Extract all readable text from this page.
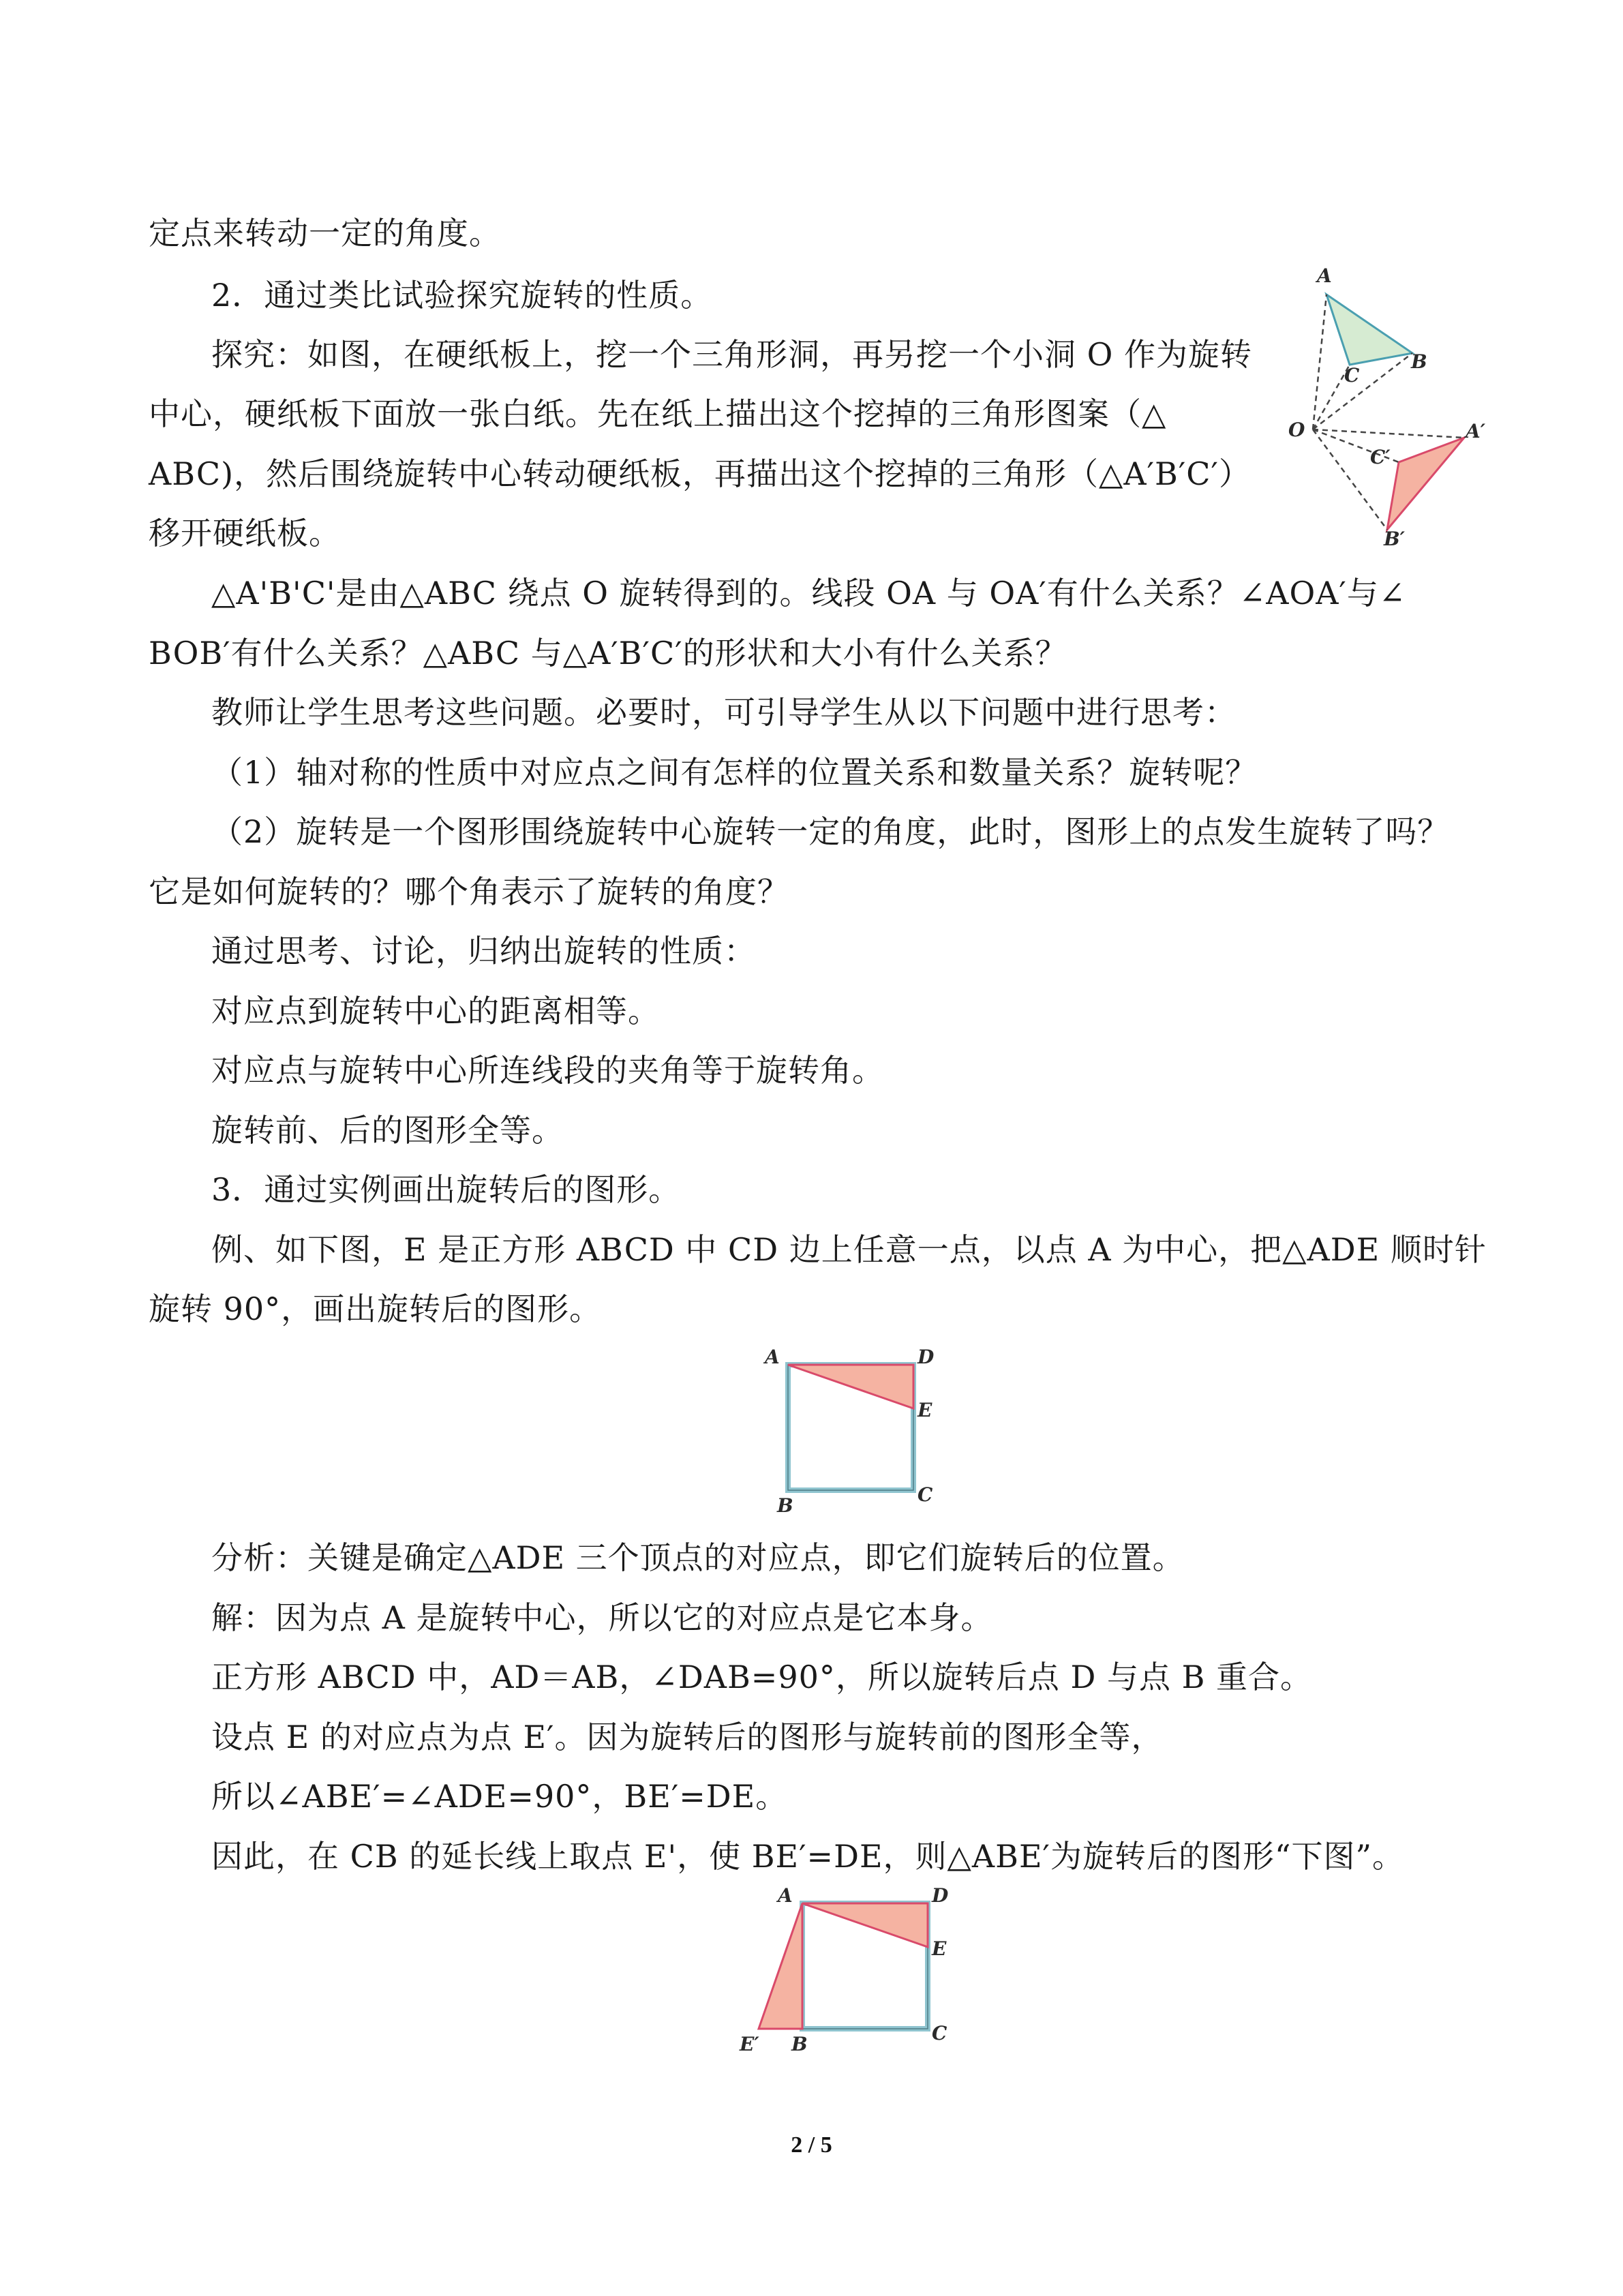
定点来转动一定的角度。
2．通过类比试验探究旋转的性质。
探究：如图，在硬纸板上，挖一个三角形洞，再另挖一个小洞 O 作为旋转
中心，硬纸板下面放一张白纸。先在纸上描出这个挖掉的三角形图案（△
ABC)，然后围绕旋转中心转动硬纸板，再描出这个挖掉的三角形（△A′B′C′）
移开硬纸板。
△A'B'C'是由△ABC 绕点 O 旋转得到的。线段 OA 与 OA′有什么关系？∠AOA′与∠
BOB′有什么关系？△ABC 与△A′B′C′的形状和大小有什么关系？
教师让学生思考这些问题。必要时，可引导学生从以下问题中进行思考：
（1）轴对称的性质中对应点之间有怎样的位置关系和数量关系？旋转呢？
（2）旋转是一个图形围绕旋转中心旋转一定的角度，此时，图形上的点发生旋转了吗？
它是如何旋转的？哪个角表示了旋转的角度？
通过思考、讨论，归纳出旋转的性质：
对应点到旋转中心的距离相等。
对应点与旋转中心所连线段的夹角等于旋转角。
旋转前、后的图形全等。
3．通过实例画出旋转后的图形。
例、如下图，E 是正方形 ABCD 中 CD 边上任意一点，以点 A 为中心，把△ADE 顺时针
旋转 90°，画出旋转后的图形。
分析：关键是确定△ADE 三个顶点的对应点，即它们旋转后的位置。
解：因为点 A 是旋转中心，所以它的对应点是它本身。
正方形 ABCD 中，AD＝AB，∠DAB=90°，所以旋转后点 D 与点 B 重合。
设点 E 的对应点为点 E′。因为旋转后的图形与旋转前的图形全等，
所以∠ABE′=∠ADE=90°，BE′=DE。
因此，在 CB 的延长线上取点 E'，使 BE′=DE，则△ABE′为旋转后的图形“下图”。
A
B
C
O	A′
C′
B′
A	D
E
B	C
A	D
E
E′ B	C
2 / 5
